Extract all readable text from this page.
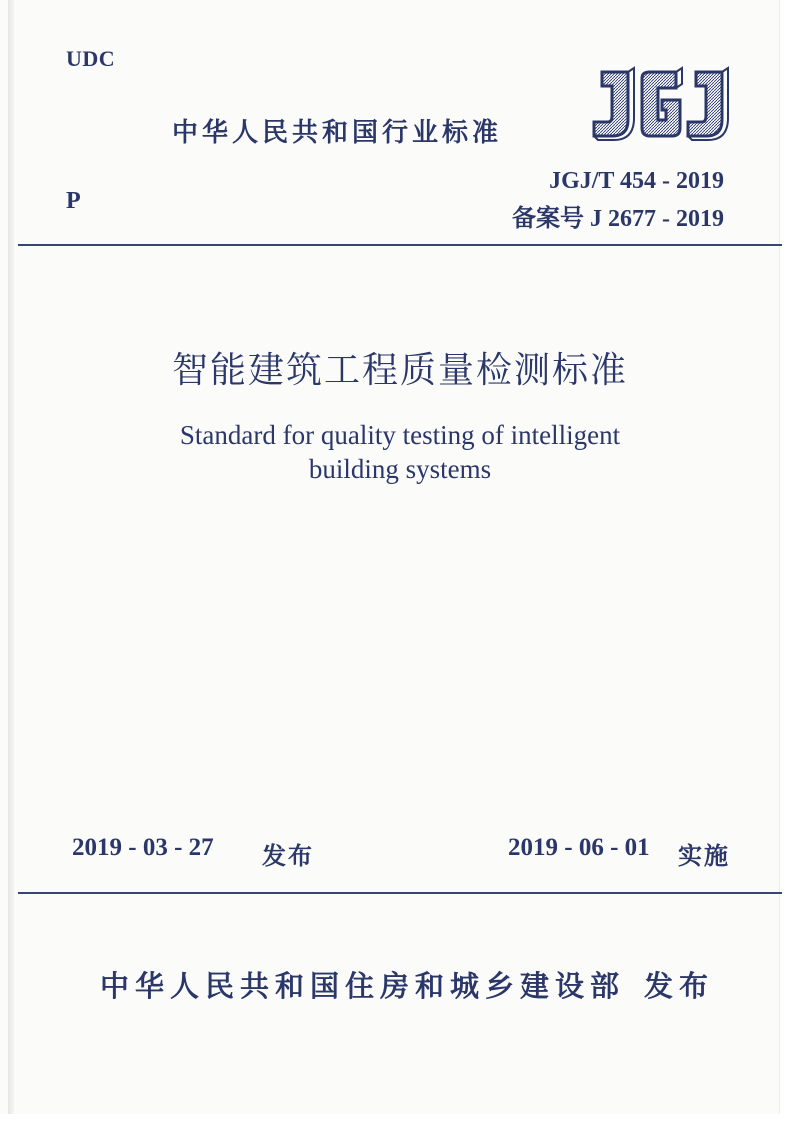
UDC
中华人民共和国行业标准
JGJ/T 454 - 2019
P
备案号 J 2677 - 2019
智能建筑工程质量检测标准
Standard for quality testing of intelligent
building systems
2019 - 03 - 27 发布	2019 - 06 - 01 实施
中华人民共和国住房和城乡建设部 发布
